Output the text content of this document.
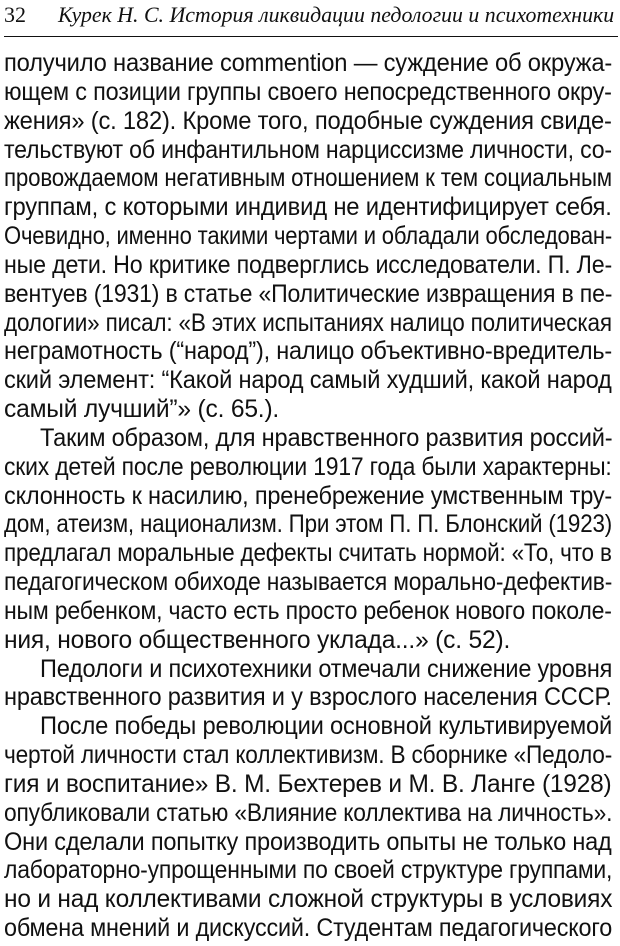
32 Курек Н. С. История ликвидации педологии и психотехники
получило название commention — суждение об окружа-
ющем с позиции группы своего непосредственного окру-
жения» (с. 182). Кроме того, подобные суждения свиде-
тельствуют об инфантильном нарциссизме личности, со-
провождаемом негативным отношением к тем социальным
группам, с которыми индивид не идентифицирует себя.
Очевидно, именно такими чертами и обладали обследован-
ные дети. Но критике подверглись исследователи. П. Ле-
вентуев (1931) в статье «Политические извращения в пе-
дологии» писал: «В этих испытаниях налицо политическая
неграмотность (“народ”), налицо объективно-вредитель-
ский элемент: “Какой народ самый худший, какой народ
самый лучший”» (с. 65.).
Таким образом, для нравственного развития россий-
ских детей после революции 1917 года были характерны:
склонность к насилию, пренебрежение умственным тру-
дом, атеизм, национализм. При этом П. П. Блонский (1923)
предлагал моральные дефекты считать нормой: «То, что в
педагогическом обиходе называется морально-дефектив-
ным ребенком, часто есть просто ребенок нового поколе-
ния, нового общественного уклада...» (с. 52).
Педологи и психотехники отмечали снижение уровня
нравственного развития и у взрослого населения СССР.
После победы революции основной культивируемой
чертой личности стал коллективизм. В сборнике «Педоло-
гия и воспитание» В. М. Бехтерев и М. В. Ланге (1928)
опубликовали статью «Влияние коллектива на личность».
Они сделали попытку производить опыты не только над
лабораторно-упрощенными по своей структуре группами,
но и над коллективами сложной структуры в условиях
обмена мнений и дискуссий. Студентам педагогического
